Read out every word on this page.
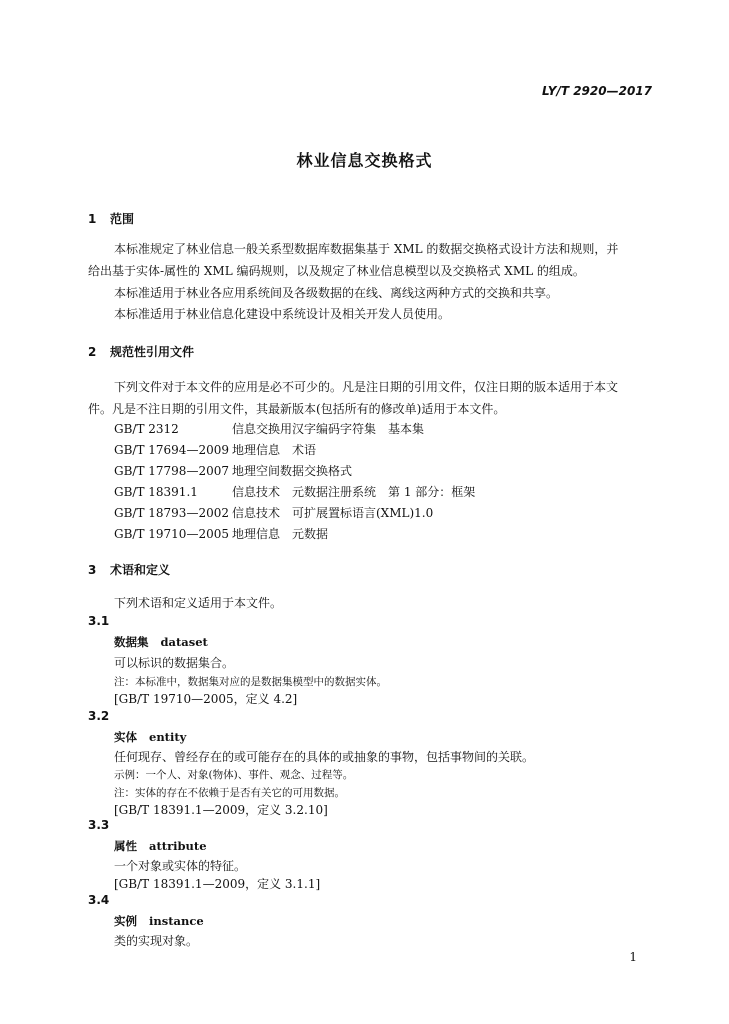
LY/T 2920—2017
林业信息交换格式
1 范围
本标准规定了林业信息一般关系型数据库数据集基于 XML 的数据交换格式设计方法和规则，并
给出基于实体-属性的 XML 编码规则，以及规定了林业信息模型以及交换格式 XML 的组成。
本标准适用于林业各应用系统间及各级数据的在线、离线这两种方式的交换和共享。
本标准适用于林业信息化建设中系统设计及相关开发人员使用。
2 规范性引用文件
下列文件对于本文件的应用是必不可少的。凡是注日期的引用文件，仅注日期的版本适用于本文
件。凡是不注日期的引用文件，其最新版本(包括所有的修改单)适用于本文件。
GB/T 2312	信息交换用汉字编码字符集　基本集
GB/T 17694—2009 地理信息　术语
GB/T 17798—2007 地理空间数据交换格式
GB/T 18391.1	信息技术　元数据注册系统　第 1 部分：框架
GB/T 18793—2002 信息技术　可扩展置标语言(XML)1.0
GB/T 19710—2005 地理信息　元数据
3 术语和定义
下列术语和定义适用于本文件。
3.1
数据集 dataset
可以标识的数据集合。
注：本标准中，数据集对应的是数据集模型中的数据实体。
[GB/T 19710—2005，定义 4.2]
3.2
实体 entity
任何现存、曾经存在的或可能存在的具体的或抽象的事物，包括事物间的关联。
示例：一个人、对象(物体)、事件、观念、过程等。
注：实体的存在不依赖于是否有关它的可用数据。
[GB/T 18391.1—2009，定义 3.2.10]
3.3
属性 attribute
一个对象或实体的特征。
[GB/T 18391.1—2009，定义 3.1.1]
3.4
实例 instance
类的实现对象。
1
